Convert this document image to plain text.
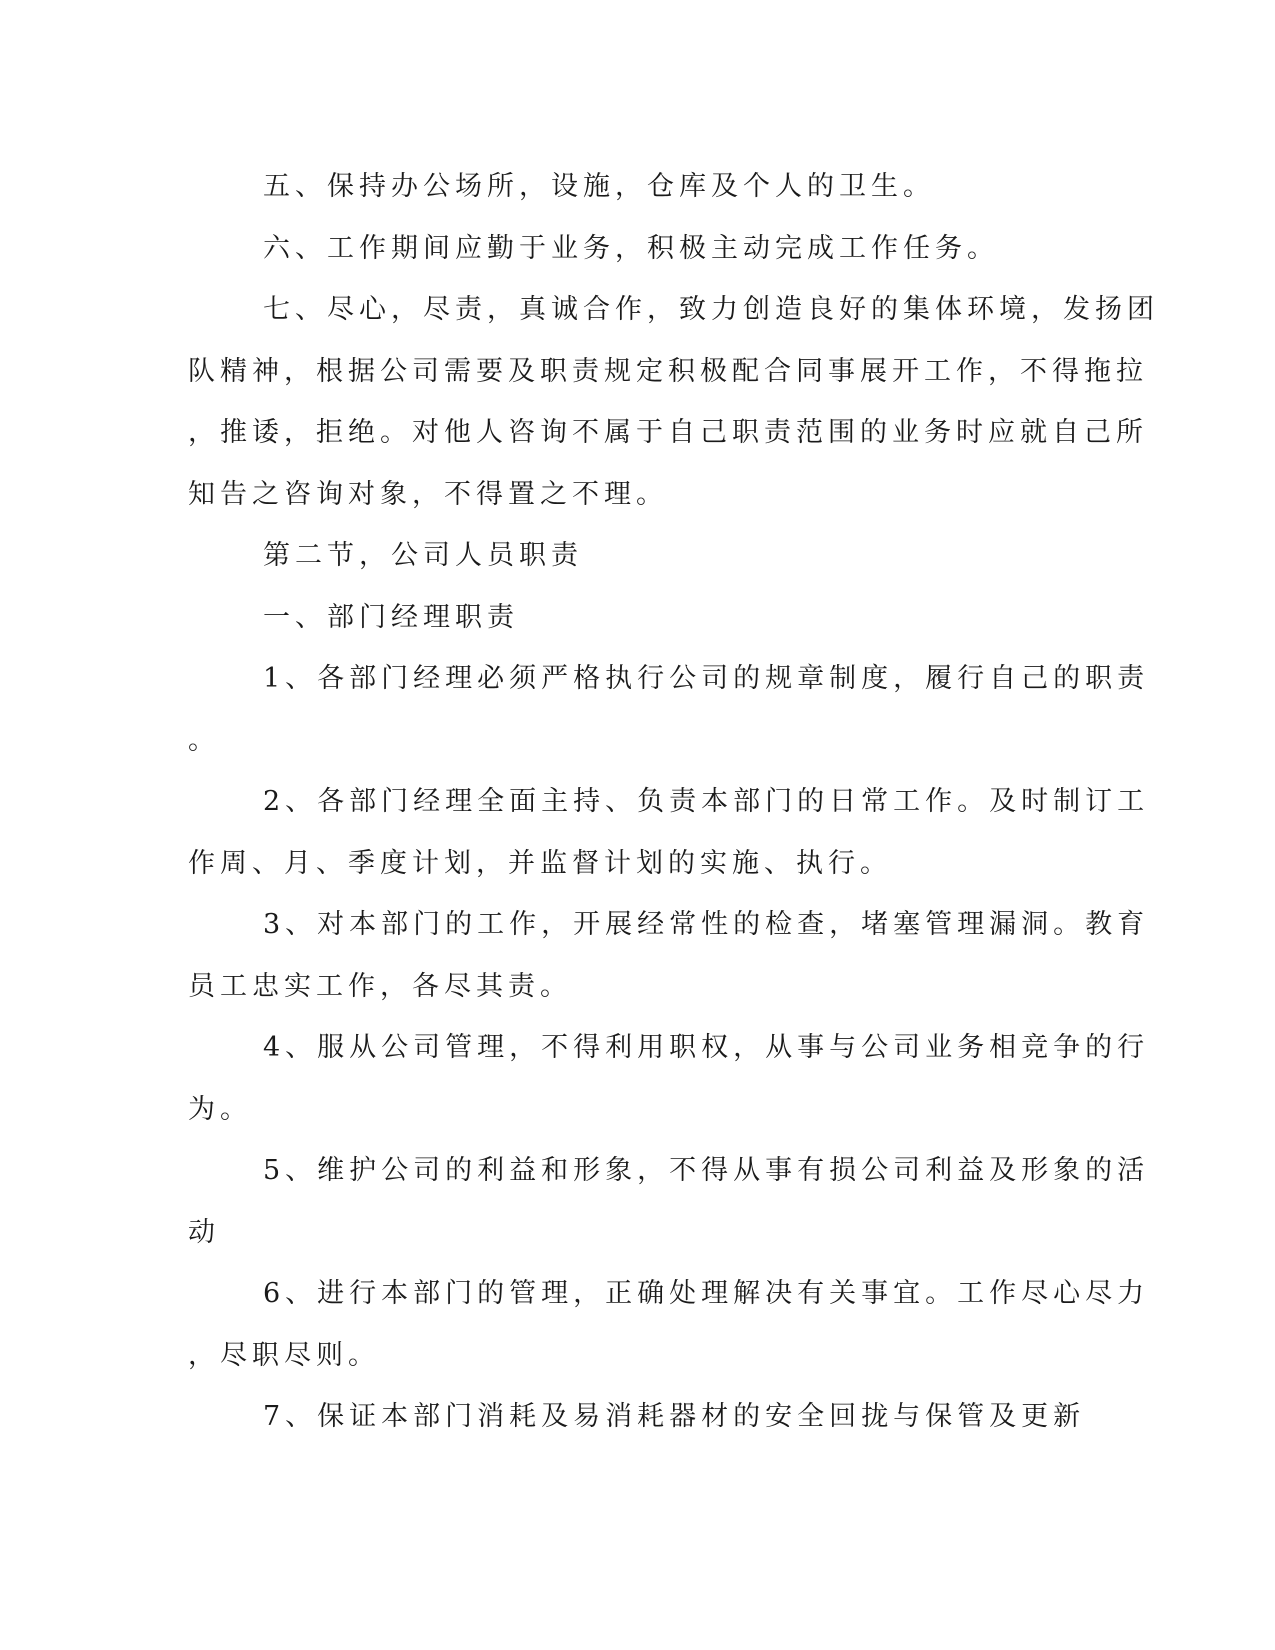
五、保持办公场所，设施，仓库及个人的卫生。
六、工作期间应勤于业务，积极主动完成工作任务。
七、尽心，尽责，真诚合作，致力创造良好的集体环境，发扬团
队精神，根据公司需要及职责规定积极配合同事展开工作，不得拖拉
，推诿，拒绝。对他人咨询不属于自己职责范围的业务时应就自己所
知告之咨询对象，不得置之不理。
第二节，公司人员职责
一、部门经理职责
1、各部门经理必须严格执行公司的规章制度，履行自己的职责
。
2、各部门经理全面主持、负责本部门的日常工作。及时制订工
作周、月、季度计划，并监督计划的实施、执行。
3、对本部门的工作，开展经常性的检查，堵塞管理漏洞。教育
员工忠实工作，各尽其责。
4、服从公司管理，不得利用职权，从事与公司业务相竞争的行
为。
5、维护公司的利益和形象，不得从事有损公司利益及形象的活
动
6、进行本部门的管理，正确处理解决有关事宜。工作尽心尽力
，尽职尽则。
7、保证本部门消耗及易消耗器材的安全回拢与保管及更新
